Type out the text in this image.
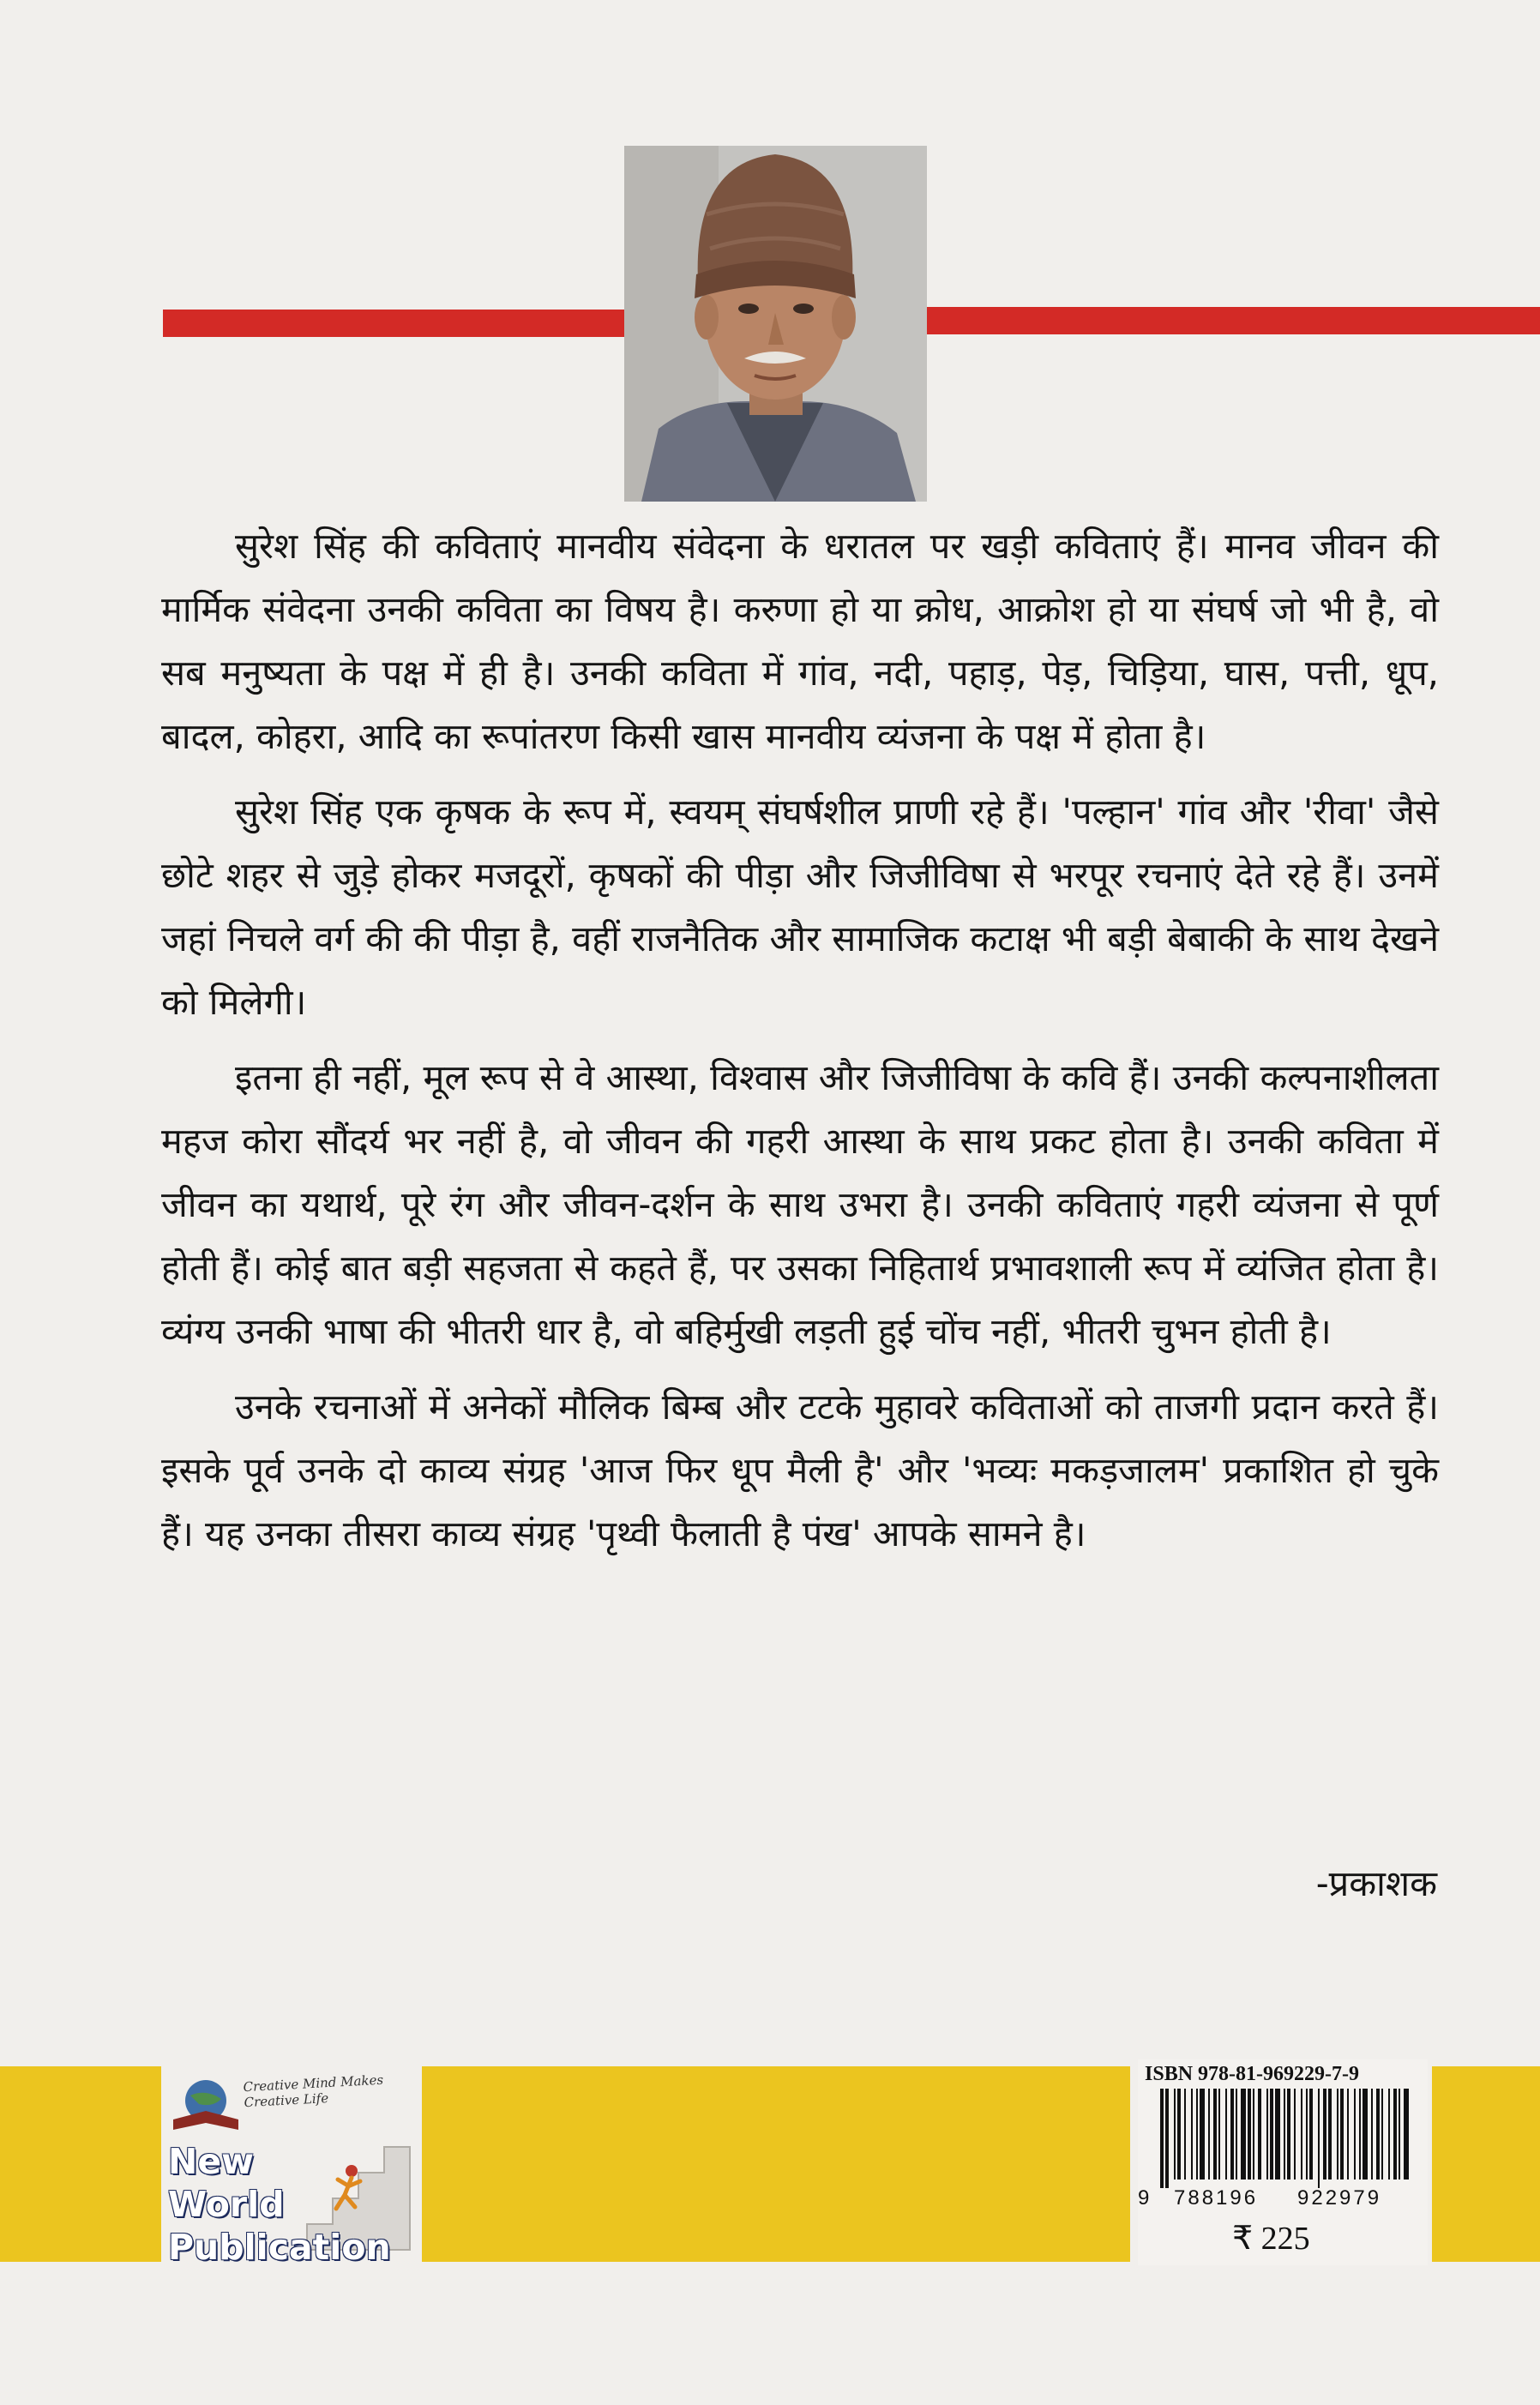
सुरेश सिंह की कविताएं मानवीय संवेदना के धरातल पर खड़ी कविताएं हैं। मानव जीवन की मार्मिक संवेदना उनकी कविता का विषय है। करुणा हो या क्रोध, आक्रोश हो या संघर्ष जो भी है, वो सब मनुष्यता के पक्ष में ही है। उनकी कविता में गांव, नदी, पहाड़, पेड़, चिड़िया, घास, पत्ती, धूप, बादल, कोहरा, आदि का रूपांतरण किसी खास मानवीय व्यंजना के पक्ष में होता है।

सुरेश सिंह एक कृषक के रूप में, स्वयम् संघर्षशील प्राणी रहे हैं। 'पल्हान' गांव और 'रीवा' जैसे छोटे शहर से जुड़े होकर मजदूरों, कृषकों की पीड़ा और जिजीविषा से भरपूर रचनाएं देते रहे हैं। उनमें जहां निचले वर्ग की की पीड़ा है, वहीं राजनैतिक और सामाजिक कटाक्ष भी बड़ी बेबाकी के साथ देखने को मिलेगी।

इतना ही नहीं, मूल रूप से वे आस्था, विश्वास और जिजीविषा के कवि हैं। उनकी कल्पनाशीलता महज कोरा सौंदर्य भर नहीं है, वो जीवन की गहरी आस्था के साथ प्रकट होता है। उनकी कविता में जीवन का यथार्थ, पूरे रंग और जीवन-दर्शन के साथ उभरा है। उनकी कविताएं गहरी व्यंजना से पूर्ण होती हैं। कोई बात बड़ी सहजता से कहते हैं, पर उसका निहितार्थ प्रभावशाली रूप में व्यंजित होता है। व्यंग्य उनकी भाषा की भीतरी धार है, वो बहिर्मुखी लड़ती हुई चोंच नहीं, भीतरी चुभन होती है।

उनके रचनाओं में अनेकों मौलिक बिम्ब और टटके मुहावरे कविताओं को ताजगी प्रदान करते हैं। इसके पूर्व उनके दो काव्य संग्रह 'आज फिर धूप मैली है' और 'भव्यः मकड़जालम' प्रकाशित हो चुके हैं। यह उनका तीसरा काव्य संग्रह 'पृथ्वी फैलाती है पंख' आपके सामने है।

-प्रकाशक
Creative Mind Makes Creative Life
New
World
Publication
ISBN 978-81-969229-7-9
9 788196 922979
₹ 225
